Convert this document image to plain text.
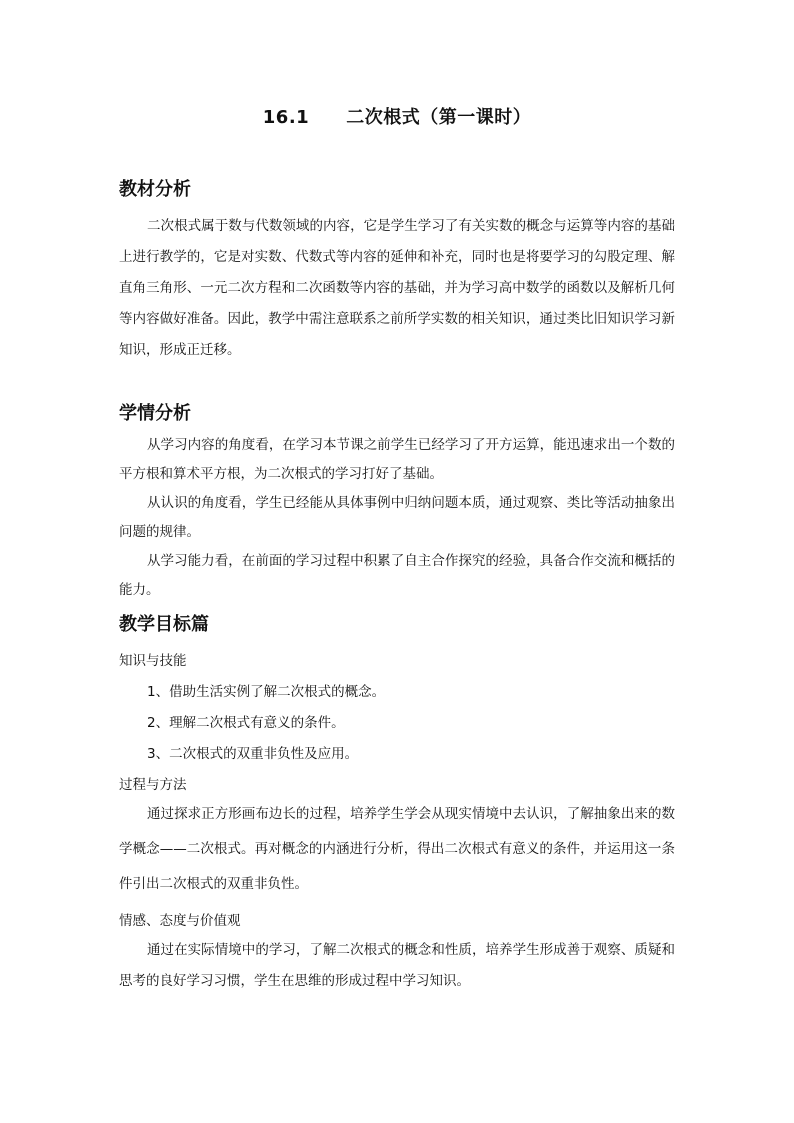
16.1　　二次根式（第一课时）
教材分析

二次根式属于数与代数领域的内容，它是学生学习了有关实数的概念与运算等内容的基础上进行教学的，它是对实数、代数式等内容的延伸和补充，同时也是将要学习的勾股定理、解直角三角形、一元二次方程和二次函数等内容的基础，并为学习高中数学的函数以及解析几何等内容做好准备。因此，教学中需注意联系之前所学实数的相关知识，通过类比旧知识学习新知识，形成正迁移。

学情分析

从学习内容的角度看，在学习本节课之前学生已经学习了开方运算，能迅速求出一个数的平方根和算术平方根，为二次根式的学习打好了基础。

从认识的角度看，学生已经能从具体事例中归纳问题本质，通过观察、类比等活动抽象出问题的规律。

从学习能力看，在前面的学习过程中积累了自主合作探究的经验，具备合作交流和概括的能力。

教学目标篇
知识与技能
1、借助生活实例了解二次根式的概念。
2、理解二次根式有意义的条件。
3、二次根式的双重非负性及应用。
过程与方法

通过探求正方形画布边长的过程，培养学生学会从现实情境中去认识，了解抽象出来的数学概念——二次根式。再对概念的内涵进行分析，得出二次根式有意义的条件，并运用这一条件引出二次根式的双重非负性。

情感、态度与价值观

通过在实际情境中的学习，了解二次根式的概念和性质，培养学生形成善于观察、质疑和思考的良好学习习惯，学生在思维的形成过程中学习知识。
